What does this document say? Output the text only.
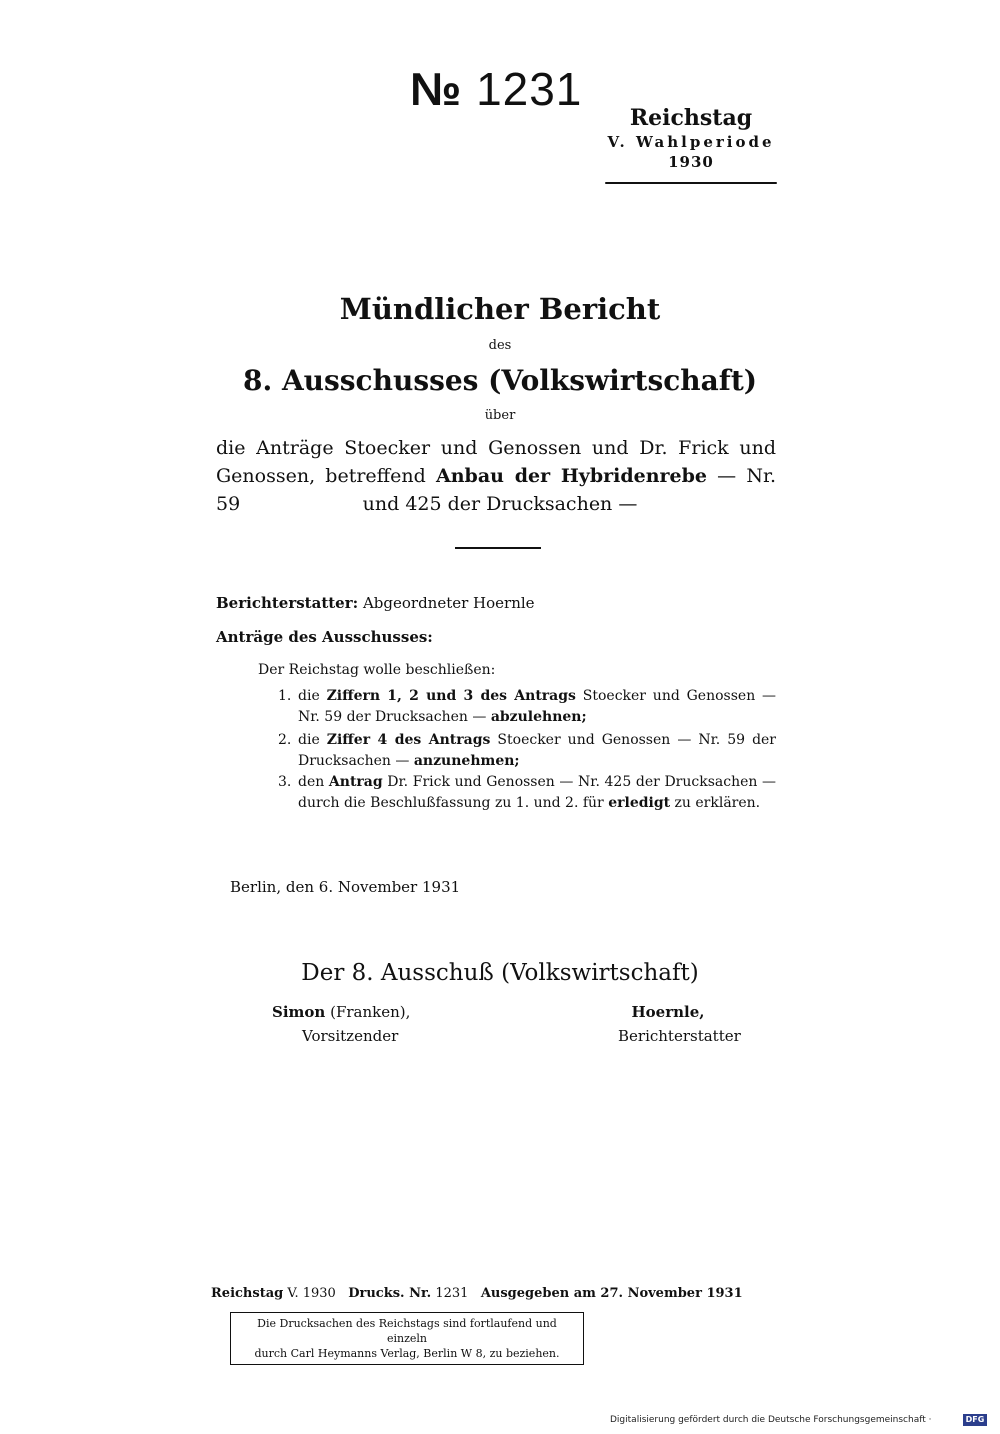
№ 1231
Reichstag
V. Wahlperiode
1930
Mündlicher Bericht
des
8. Ausschusses (Volkswirtschaft)
über
die Anträge Stoecker und Genossen und Dr. Frick und Genossen, betreffend Anbau der Hybridenrebe — Nr. 59	und 425 der Drucksachen —
Berichterstatter: Abgeordneter Hoernle
Anträge des Ausschusses:
Der Reichstag wolle beschließen:
1. die Ziffern 1, 2 und 3 des Antrags Stoecker und Genossen — Nr. 59 der Drucksachen — abzulehnen;
2. die Ziffer 4 des Antrags Stoecker und Genossen — Nr. 59 der Drucksachen — anzunehmen;
3. den Antrag Dr. Frick und Genossen — Nr. 425 der Drucksachen — durch die Beschlußfassung zu 1. und 2. für erledigt zu erklären.
Berlin, den 6. November 1931
Der 8. Ausschuß (Volkswirtschaft)
Simon (Franken),
Vorsitzender
Hoernle,
Berichterstatter
Reichstag V. 1930 Drucks. Nr. 1231 Ausgegeben am 27. November 1931
Die Drucksachen des Reichstags sind fortlaufend und einzeln
durch Carl Heymanns Verlag, Berlin W 8, zu beziehen.
Digitalisierung gefördert durch die Deutsche Forschungsgemeinschaft ·	DFG
